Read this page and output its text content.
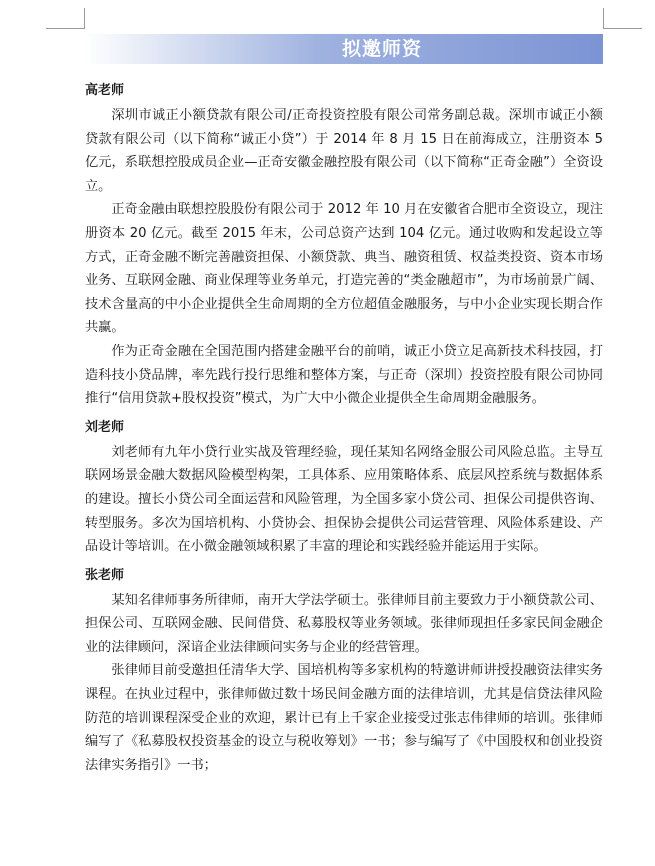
拟邀师资
高老师

深圳市诚正小额贷款有限公司/正奇投资控股有限公司常务副总裁。深圳市诚正小额贷款有限公司（以下简称“诚正小贷”）于 2014 年 8 月 15 日在前海成立，注册资本 5 亿元，系联想控股成员企业—正奇安徽金融控股有限公司（以下简称“正奇金融”）全资设立。

正奇金融由联想控股股份有限公司于 2012 年 10 月在安徽省合肥市全资设立，现注册资本 20 亿元。截至 2015 年末，公司总资产达到 104 亿元。通过收购和发起设立等方式，正奇金融不断完善融资担保、小额贷款、典当、融资租赁、权益类投资、资本市场业务、互联网金融、商业保理等业务单元，打造完善的“类金融超市”，为市场前景广阔、技术含量高的中小企业提供全生命周期的全方位超值金融服务，与中小企业实现长期合作共赢。

作为正奇金融在全国范围内搭建金融平台的前哨，诚正小贷立足高新技术科技园，打造科技小贷品牌，率先践行投行思维和整体方案，与正奇（深圳）投资控股有限公司协同推行“信用贷款+股权投资”模式，为广大中小微企业提供全生命周期金融服务。

刘老师

刘老师有九年小贷行业实战及管理经验，现任某知名网络金服公司风险总监。主导互联网场景金融大数据风险模型构架，工具体系、应用策略体系、底层风控系统与数据体系的建设。擅长小贷公司全面运营和风险管理，为全国多家小贷公司、担保公司提供咨询、转型服务。多次为国培机构、小贷协会、担保协会提供公司运营管理、风险体系建设、产品设计等培训。在小微金融领域积累了丰富的理论和实践经验并能运用于实际。

张老师

某知名律师事务所律师，南开大学法学硕士。张律师目前主要致力于小额贷款公司、担保公司、互联网金融、民间借贷、私募股权等业务领域。张律师现担任多家民间金融企业的法律顾问，深谙企业法律顾问实务与企业的经营管理。

张律师目前受邀担任清华大学、国培机构等多家机构的特邀讲师讲授投融资法律实务课程。在执业过程中，张律师做过数十场民间金融方面的法律培训，尤其是信贷法律风险防范的培训课程深受企业的欢迎，累计已有上千家企业接受过张志伟律师的培训。张律师编写了《私募股权投资基金的设立与税收筹划》一书；参与编写了《中国股权和创业投资法律实务指引》一书；
